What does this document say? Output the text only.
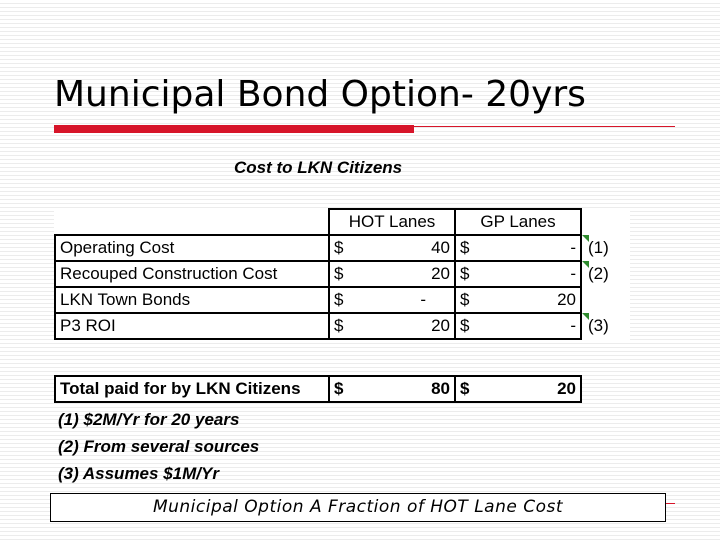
Municipal Bond Option- 20yrs
Cost to LKN Citizens
	HOT Lanes	GP Lanes	
Operating Cost	$ 40	$ -	(1)
Recouped Construction Cost	$ 20	$ -	(2)
LKN Town Bonds	$ -	$ 20	

P3 ROI	$ 20	$ -	(3)
Total paid for by LKN Citizens	$	80	$	20
(1) $2M/Yr for 20 years
(2) From several sources
(3) Assumes $1M/Yr
Municipal Option A Fraction of HOT Lane Cost
